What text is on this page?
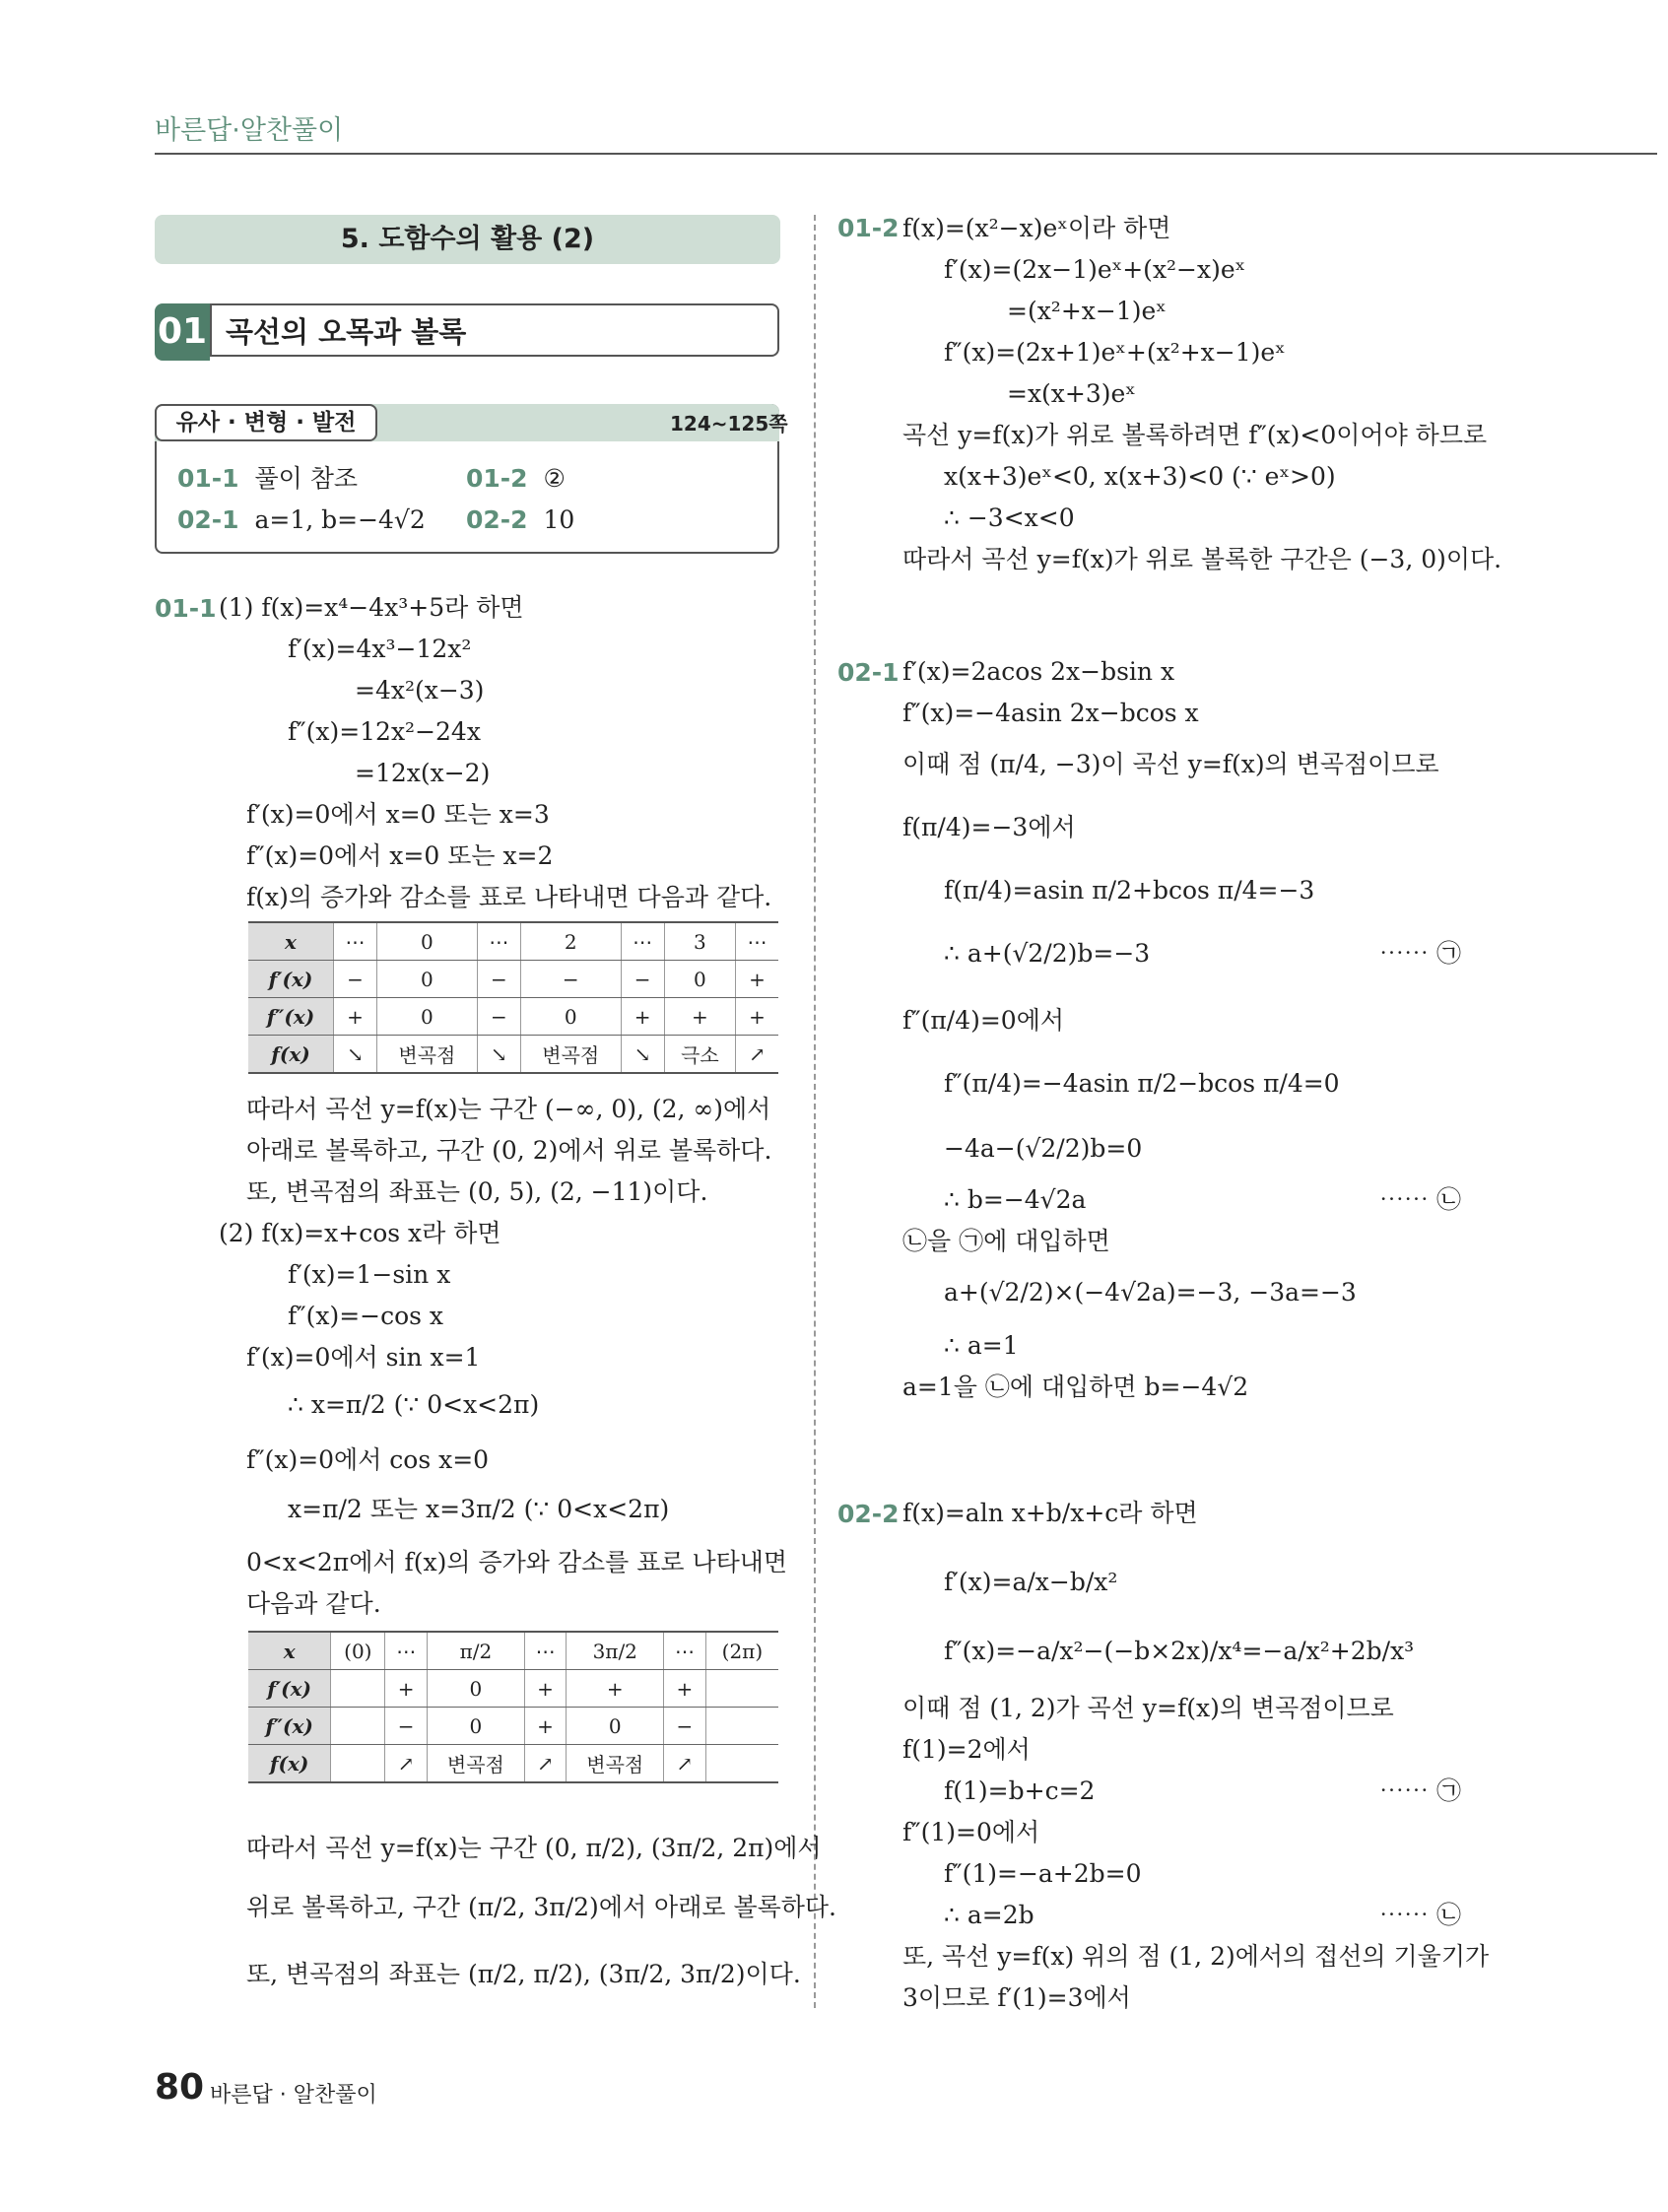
바른답·알찬풀이
5. 도함수의 활용 (2)
01 곡선의 오목과 볼록
유사 · 변형 · 발전	124~125쪽
01-1 풀이 참조	01-2 ②
02-1 a=1, b=−4√2 02-2 10
01-1 (1) f(x)=x⁴−4x³+5라 하면
f′(x)=4x³−12x²
=4x²(x−3)
f″(x)=12x²−24x
=12x(x−2)
f′(x)=0에서 x=0 또는 x=3
f″(x)=0에서 x=0 또는 x=2
f(x)의 증가와 감소를 표로 나타내면 다음과 같다.
x	⋯	0	⋯	2	⋯	3	⋯
f′(x)	−	0	−	−	−	0	+
f″(x)	+	0	−	0	+	+	+
f(x)	↘	변곡점	↘	변곡점	↘	극소	↗
따라서 곡선 y=f(x)는 구간 (−∞, 0), (2, ∞)에서
아래로 볼록하고, 구간 (0, 2)에서 위로 볼록하다.
또, 변곡점의 좌표는 (0, 5), (2, −11)이다.
(2) f(x)=x+cos x라 하면
f′(x)=1−sin x
f″(x)=−cos x
f′(x)=0에서 sin x=1
∴ x=π/2 (∵ 0<x<2π)
f″(x)=0에서 cos x=0
x=π/2 또는 x=3π/2 (∵ 0<x<2π)
0<x<2π에서 f(x)의 증가와 감소를 표로 나타내면
다음과 같다.
x	(0)	⋯	π/2	⋯	3π/2	⋯	(2π)
f′(x)		+	0	+	+	+	
f″(x)		−	0	+	0	−	
f(x)		↗	변곡점	↗	변곡점	↗	
따라서 곡선 y=f(x)는 구간 (0, π/2), (3π/2, 2π)에서
위로 볼록하고, 구간 (π/2, 3π/2)에서 아래로 볼록하다.
또, 변곡점의 좌표는 (π/2, π/2), (3π/2, 3π/2)이다.
01-2 f(x)=(x²−x)eˣ이라 하면
f′(x)=(2x−1)eˣ+(x²−x)eˣ
=(x²+x−1)eˣ
f″(x)=(2x+1)eˣ+(x²+x−1)eˣ
=x(x+3)eˣ
곡선 y=f(x)가 위로 볼록하려면 f″(x)<0이어야 하므로
x(x+3)eˣ<0, x(x+3)<0 (∵ eˣ>0)
∴ −3<x<0
따라서 곡선 y=f(x)가 위로 볼록한 구간은 (−3, 0)이다.
02-1 f′(x)=2acos 2x−bsin x
f″(x)=−4asin 2x−bcos x
이때 점 (π/4, −3)이 곡선 y=f(x)의 변곡점이므로
f(π/4)=−3에서
f(π/4)=asin π/2+bcos π/4=−3
∴ a+(√2/2)b=−3	⋯⋯ ㉠
f″(π/4)=0에서
f″(π/4)=−4asin π/2−bcos π/4=0
−4a−(√2/2)b=0
∴ b=−4√2a	⋯⋯ ㉡
㉡을 ㉠에 대입하면
a+(√2/2)×(−4√2a)=−3, −3a=−3
∴ a=1
a=1을 ㉡에 대입하면 b=−4√2
02-2 f(x)=aln x+b/x+c라 하면
f′(x)=a/x−b/x²
f″(x)=−a/x²−(−b×2x)/x⁴=−a/x²+2b/x³
이때 점 (1, 2)가 곡선 y=f(x)의 변곡점이므로
f(1)=2에서
f(1)=b+c=2	⋯⋯ ㉠
f″(1)=0에서
f″(1)=−a+2b=0
∴ a=2b	⋯⋯ ㉡
또, 곡선 y=f(x) 위의 점 (1, 2)에서의 접선의 기울기가
3이므로 f′(1)=3에서
80 바른답 · 알찬풀이
